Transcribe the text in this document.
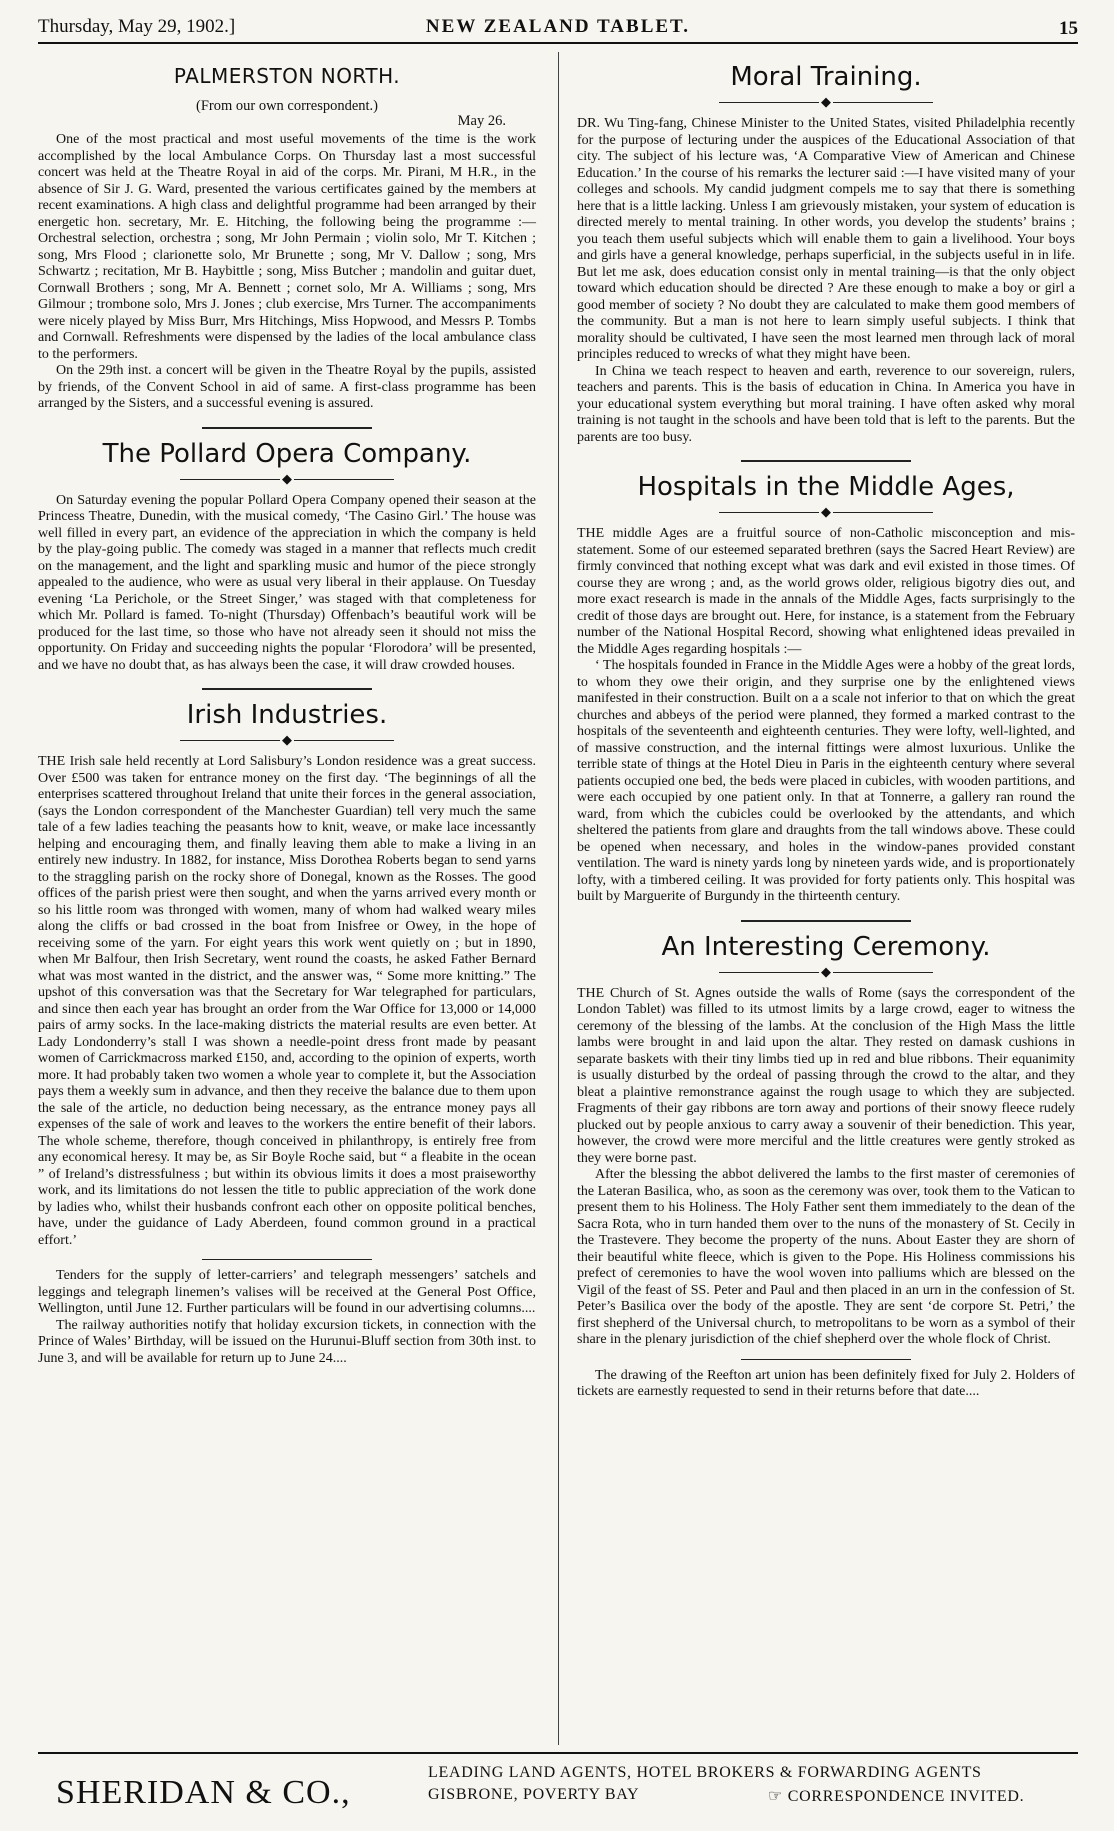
Thursday, May 29, 1902.]	NEW ZEALAND TABLET.	15
PALMERSTON NORTH.
(From our own correspondent.)
May 26.

One of the most practical and most useful movements of the time is the work accomplished by the local Ambulance Corps. On Thursday last a most successful concert was held at the Theatre Royal in aid of the corps. Mr. Pirani, M H.R., in the absence of Sir J. G. Ward, presented the various certificates gained by the members at recent examinations. A high class and delightful programme had been arranged by their energetic hon. secretary, Mr. E. Hitching, the following being the programme :—Orchestral selection, orchestra ; song, Mr John Permain ; violin solo, Mr T. Kitchen ; song, Mrs Flood ; clarionette solo, Mr Brunette ; song, Mr V. Dallow ; song, Mrs Schwartz ; recitation, Mr B. Haybittle ; song, Miss Butcher ; mandolin and guitar duet, Cornwall Brothers ; song, Mr A. Bennett ; cornet solo, Mr A. Williams ; song, Mrs Gilmour ; trombone solo, Mrs J. Jones ; club exercise, Mrs Turner. The accompaniments were nicely played by Miss Burr, Mrs Hitchings, Miss Hopwood, and Messrs P. Tombs and Cornwall. Refreshments were dispensed by the ladies of the local ambulance class to the performers.

On the 29th inst. a concert will be given in the Theatre Royal by the pupils, assisted by friends, of the Convent School in aid of same. A first-class programme has been arranged by the Sisters, and a successful evening is assured.

The Pollard Opera Company.
◆

On Saturday evening the popular Pollard Opera Company opened their season at the Princess Theatre, Dunedin, with the musical comedy, ‘The Casino Girl.’ The house was well filled in every part, an evidence of the appreciation in which the company is held by the play-going public. The comedy was staged in a manner that reflects much credit on the management, and the light and sparkling music and humor of the piece strongly appealed to the audience, who were as usual very liberal in their applause. On Tuesday evening ‘La Perichole, or the Street Singer,’ was staged with that completeness for which Mr. Pollard is famed. To-night (Thursday) Offenbach’s beautiful work will be produced for the last time, so those who have not already seen it should not miss the opportunity. On Friday and succeeding nights the popular ‘Florodora’ will be presented, and we have no doubt that, as has always been the case, it will draw crowded houses.

Irish Industries.
◆

THE Irish sale held recently at Lord Salisbury’s London residence was a great success. Over £500 was taken for entrance money on the first day. ‘The beginnings of all the enterprises scattered throughout Ireland that unite their forces in the general association, (says the London correspondent of the Manchester Guardian) tell very much the same tale of a few ladies teaching the peasants how to knit, weave, or make lace incessantly helping and encouraging them, and finally leaving them able to make a living in an entirely new industry. In 1882, for instance, Miss Dorothea Roberts began to send yarns to the straggling parish on the rocky shore of Donegal, known as the Rosses. The good offices of the parish priest were then sought, and when the yarns arrived every month or so his little room was thronged with women, many of whom had walked weary miles along the cliffs or bad crossed in the boat from Inisfree or Owey, in the hope of receiving some of the yarn. For eight years this work went quietly on ; but in 1890, when Mr Balfour, then Irish Secretary, went round the coasts, he asked Father Bernard what was most wanted in the district, and the answer was, “ Some more knitting.” The upshot of this conversation was that the Secretary for War telegraphed for particulars, and since then each year has brought an order from the War Office for 13,000 or 14,000 pairs of army socks. In the lace-making districts the material results are even better. At Lady Londonderry’s stall I was shown a needle-point dress front made by peasant women of Carrickmacross marked £150, and, according to the opinion of experts, worth more. It had probably taken two women a whole year to complete it, but the Association pays them a weekly sum in advance, and then they receive the balance due to them upon the sale of the article, no deduction being necessary, as the entrance money pays all expenses of the sale of work and leaves to the workers the entire benefit of their labors. The whole scheme, therefore, though conceived in philanthropy, is entirely free from any economical heresy. It may be, as Sir Boyle Roche said, but “ a fleabite in the ocean ” of Ireland’s distressfulness ; but within its obvious limits it does a most praiseworthy work, and its limitations do not lessen the title to public appreciation of the work done by ladies who, whilst their husbands confront each other on opposite political benches, have, under the guidance of Lady Aberdeen, found common ground in a practical effort.’

Tenders for the supply of letter-carriers’ and telegraph messengers’ satchels and leggings and telegraph linemen’s valises will be received at the General Post Office, Wellington, until June 12. Further particulars will be found in our advertising columns....

The railway authorities notify that holiday excursion tickets, in connection with the Prince of Wales’ Birthday, will be issued on the Hurunui-Bluff section from 30th inst. to June 3, and will be available for return up to June 24....

Moral Training.
◆

DR. Wu Ting-fang, Chinese Minister to the United States, visited Philadelphia recently for the purpose of lecturing under the auspices of the Educational Association of that city. The subject of his lecture was, ‘A Comparative View of American and Chinese Education.’ In the course of his remarks the lecturer said :—I have visited many of your colleges and schools. My candid judgment compels me to say that there is something here that is a little lacking. Unless I am grievously mistaken, your system of education is directed merely to mental training. In other words, you develop the students’ brains ; you teach them useful subjects which will enable them to gain a livelihood. Your boys and girls have a general knowledge, perhaps superficial, in the subjects useful in in life. But let me ask, does education consist only in mental training—is that the only object toward which education should be directed ? Are these enough to make a boy or girl a good member of society ? No doubt they are calculated to make them good members of the community. But a man is not here to learn simply useful subjects. I think that morality should be cultivated, I have seen the most learned men through lack of moral principles reduced to wrecks of what they might have been.

In China we teach respect to heaven and earth, reverence to our sovereign, rulers, teachers and parents. This is the basis of education in China. In America you have in your educational system everything but moral training. I have often asked why moral training is not taught in the schools and have been told that is left to the parents. But the parents are too busy.

Hospitals in the Middle Ages,
◆

THE middle Ages are a fruitful source of non-Catholic misconception and mis-statement. Some of our esteemed separated brethren (says the Sacred Heart Review) are firmly convinced that nothing except what was dark and evil existed in those times. Of course they are wrong ; and, as the world grows older, religious bigotry dies out, and more exact research is made in the annals of the Middle Ages, facts surprisingly to the credit of those days are brought out. Here, for instance, is a statement from the February number of the National Hospital Record, showing what enlightened ideas prevailed in the Middle Ages regarding hospitals :—

‘ The hospitals founded in France in the Middle Ages were a hobby of the great lords, to whom they owe their origin, and they surprise one by the enlightened views manifested in their construction. Built on a a scale not inferior to that on which the great churches and abbeys of the period were planned, they formed a marked contrast to the hospitals of the seventeenth and eighteenth centuries. They were lofty, well-lighted, and of massive construction, and the internal fittings were almost luxurious. Unlike the terrible state of things at the Hotel Dieu in Paris in the eighteenth century where several patients occupied one bed, the beds were placed in cubicles, with wooden partitions, and were each occupied by one patient only. In that at Tonnerre, a gallery ran round the ward, from which the cubicles could be overlooked by the attendants, and which sheltered the patients from glare and draughts from the tall windows above. These could be opened when necessary, and holes in the window-panes provided constant ventilation. The ward is ninety yards long by nineteen yards wide, and is proportionately lofty, with a timbered ceiling. It was provided for forty patients only. This hospital was built by Marguerite of Burgundy in the thirteenth century.

An Interesting Ceremony.
◆

THE Church of St. Agnes outside the walls of Rome (says the correspondent of the London Tablet) was filled to its utmost limits by a large crowd, eager to witness the ceremony of the blessing of the lambs. At the conclusion of the High Mass the little lambs were brought in and laid upon the altar. They rested on damask cushions in separate baskets with their tiny limbs tied up in red and blue ribbons. Their equanimity is usually disturbed by the ordeal of passing through the crowd to the altar, and they bleat a plaintive remonstrance against the rough usage to which they are subjected. Fragments of their gay ribbons are torn away and portions of their snowy fleece rudely plucked out by people anxious to carry away a souvenir of their benediction. This year, however, the crowd were more merciful and the little creatures were gently stroked as they were borne past.

After the blessing the abbot delivered the lambs to the first master of ceremonies of the Lateran Basilica, who, as soon as the ceremony was over, took them to the Vatican to present them to his Holiness. The Holy Father sent them immediately to the dean of the Sacra Rota, who in turn handed them over to the nuns of the monastery of St. Cecily in the Trastevere. They become the property of the nuns. About Easter they are shorn of their beautiful white fleece, which is given to the Pope. His Holiness commissions his prefect of ceremonies to have the wool woven into palliums which are blessed on the Vigil of the feast of SS. Peter and Paul and then placed in an urn in the confession of St. Peter’s Basilica over the body of the apostle. They are sent ‘de corpore St. Petri,’ the first shepherd of the Universal church, to metropolitans to be worn as a symbol of their share in the plenary jurisdiction of the chief shepherd over the whole flock of Christ.

The drawing of the Reefton art union has been definitely fixed for July 2. Holders of tickets are earnestly requested to send in their returns before that date....

SHERIDAN & CO.,
LEADING LAND AGENTS, HOTEL BROKERS & FORWARDING AGENTS
GISBRONE, POVERTY BAY	☞ CORRESPONDENCE INVITED.
